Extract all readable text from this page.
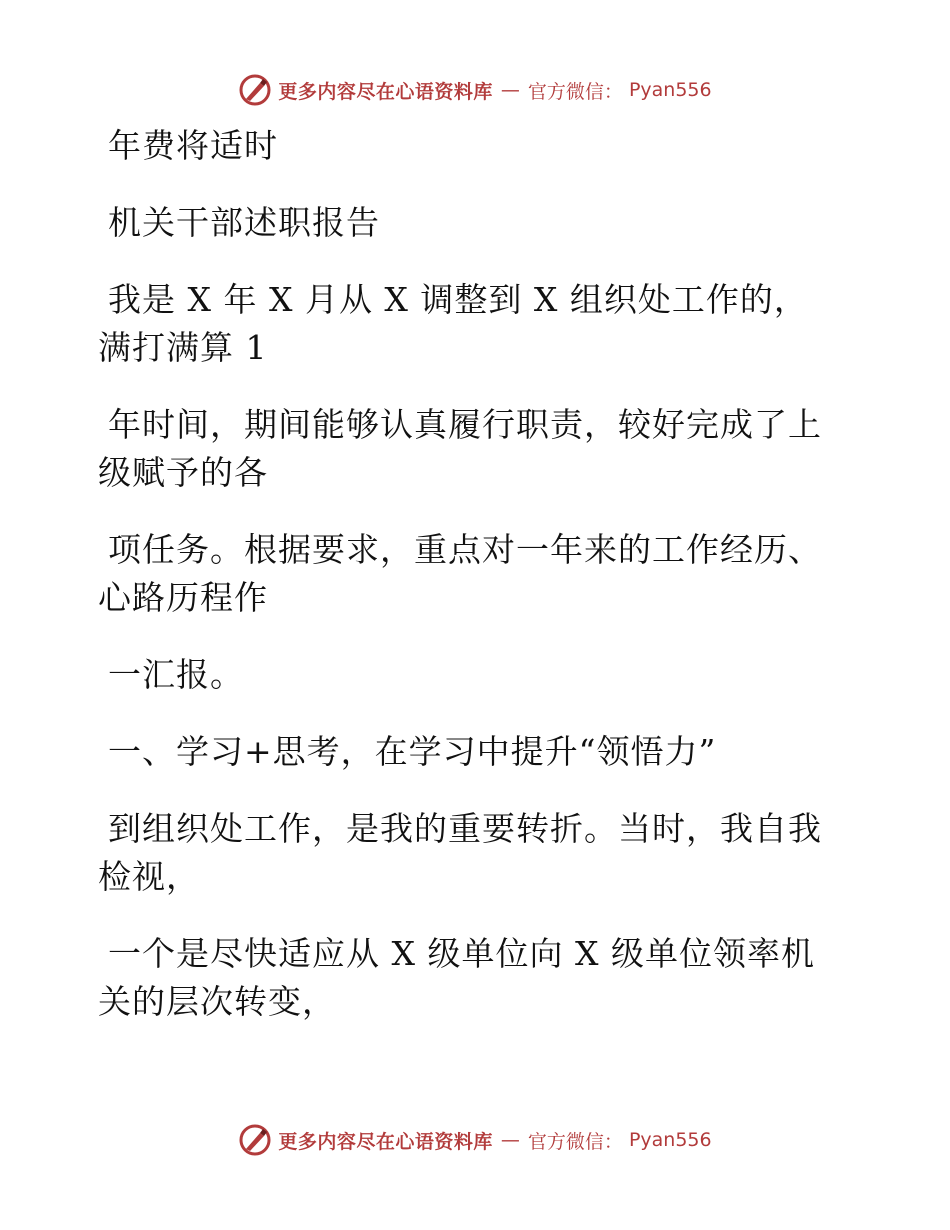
更多内容尽在心语资料库 — 官方微信： Pyan556
年费将适时
机关干部述职报告
我是 X 年 X 月从 X 调整到 X 组织处工作的，
满打满算 1
年时间，期间能够认真履行职责，较好完成了上
级赋予的各
项任务。根据要求，重点对一年来的工作经历、
心路历程作
一汇报。
一、学习+思考，在学习中提升“领悟力”
到组织处工作，是我的重要转折。当时，我自我
检视，
一个是尽快适应从 X 级单位向 X 级单位领率机
关的层次转变，
更多内容尽在心语资料库 — 官方微信： Pyan556
